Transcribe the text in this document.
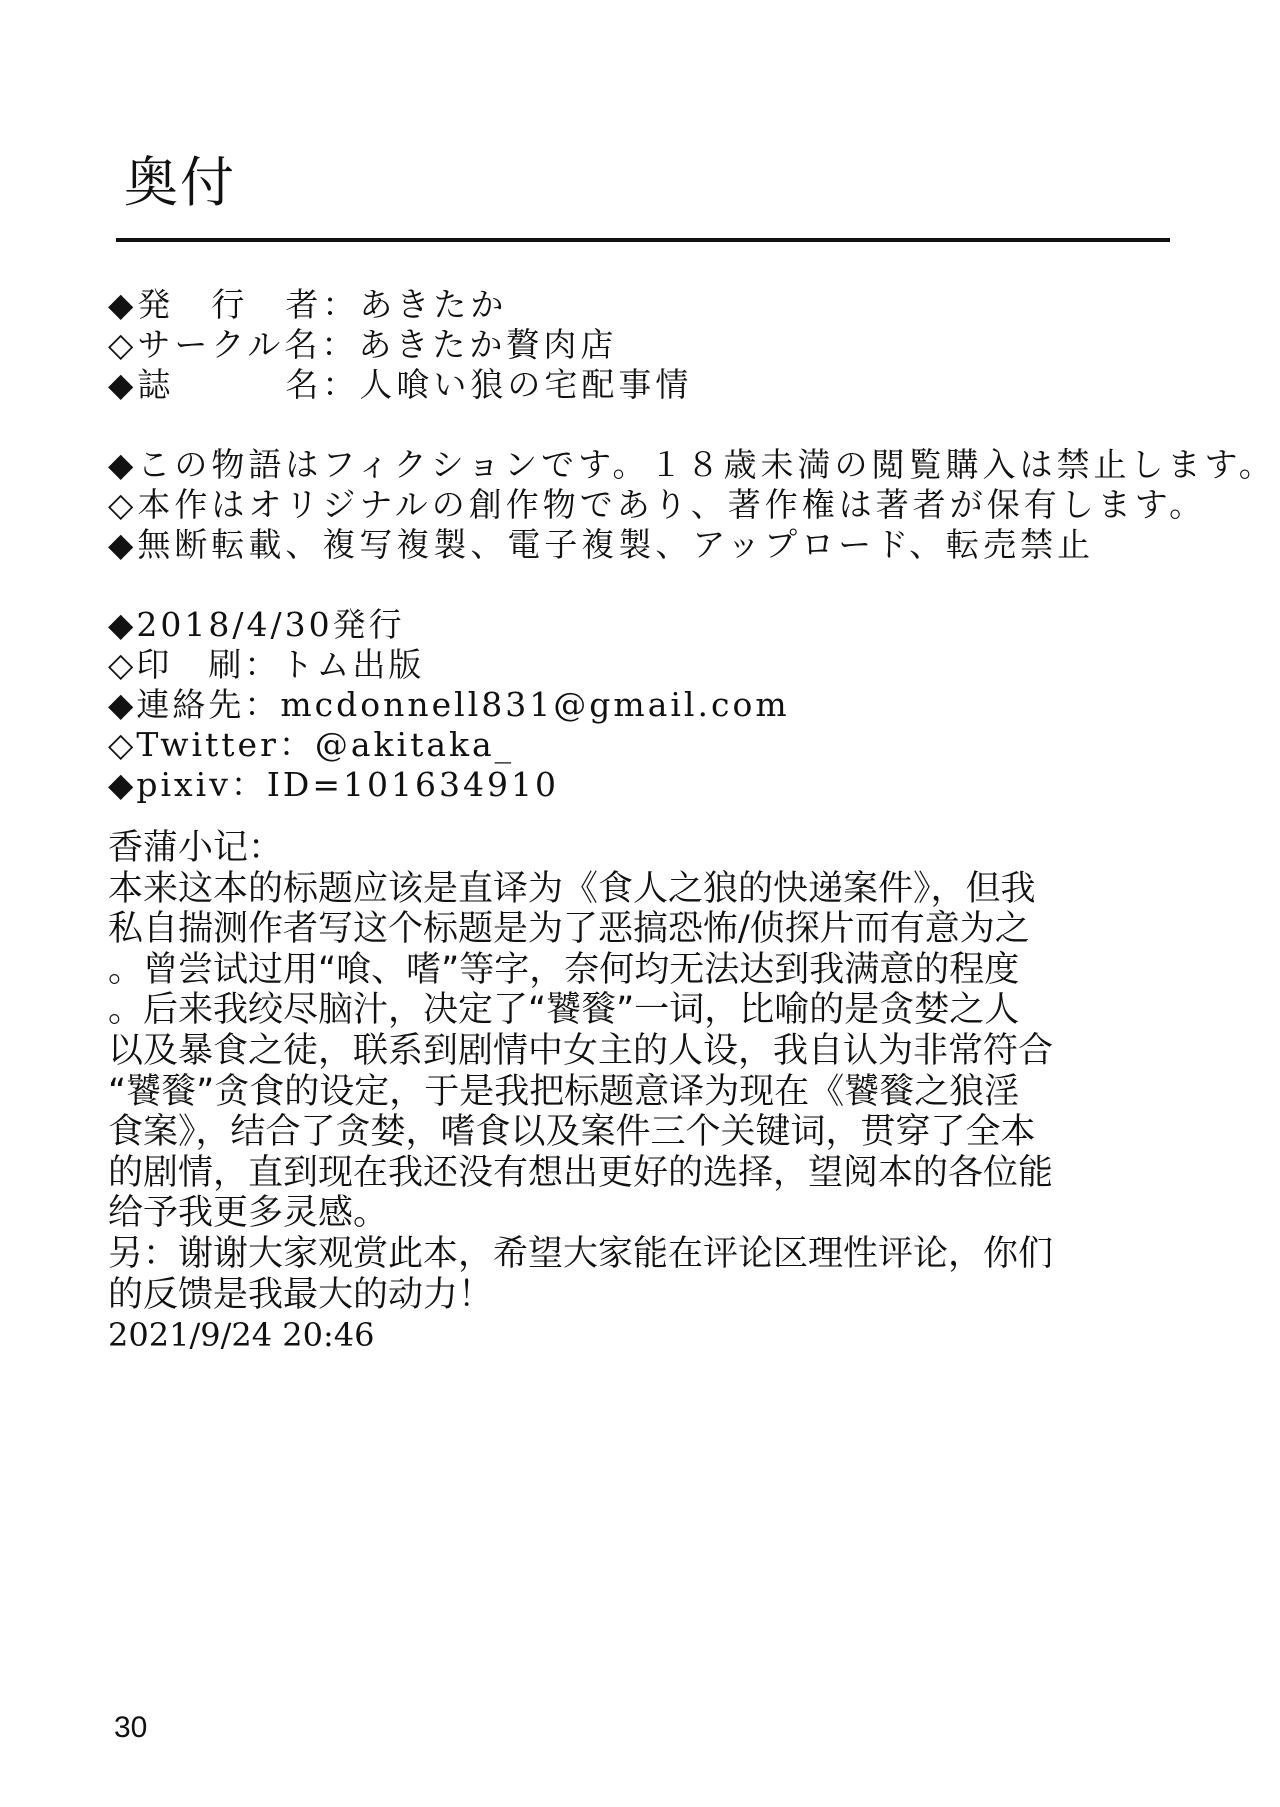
奥付
◆発　行　者：あきたか
◇サークル名：あきたか贅肉店
◆誌　　　名：人喰い狼の宅配事情
◆この物語はフィクションです。１８歳未満の閲覧購入は禁止します。
◇本作はオリジナルの創作物であり、著作権は著者が保有します。
◆無断転載、複写複製、電子複製、アップロード、転売禁止
◆2018/4/30発行
◇印　刷：トム出版
◆連絡先：mcdonnell831@gmail.com
◇Twitter：@akitaka_
◆pixiv：ID=101634910
香蒲小记：
本来这本的标题应该是直译为《食人之狼的快递案件》，但我
私自揣测作者写这个标题是为了恶搞恐怖/侦探片而有意为之
。曾尝试过用“喰、嗜”等字，奈何均无法达到我满意的程度
。后来我绞尽脑汁，决定了“饕餮”一词，比喻的是贪婪之人
以及暴食之徒，联系到剧情中女主的人设，我自认为非常符合
“饕餮”贪食的设定，于是我把标题意译为现在《饕餮之狼淫
食案》，结合了贪婪，嗜食以及案件三个关键词，贯穿了全本
的剧情，直到现在我还没有想出更好的选择，望阅本的各位能
给予我更多灵感。
另：谢谢大家观赏此本，希望大家能在评论区理性评论，你们
的反馈是我最大的动力！
2021/9/24 20:46
30
